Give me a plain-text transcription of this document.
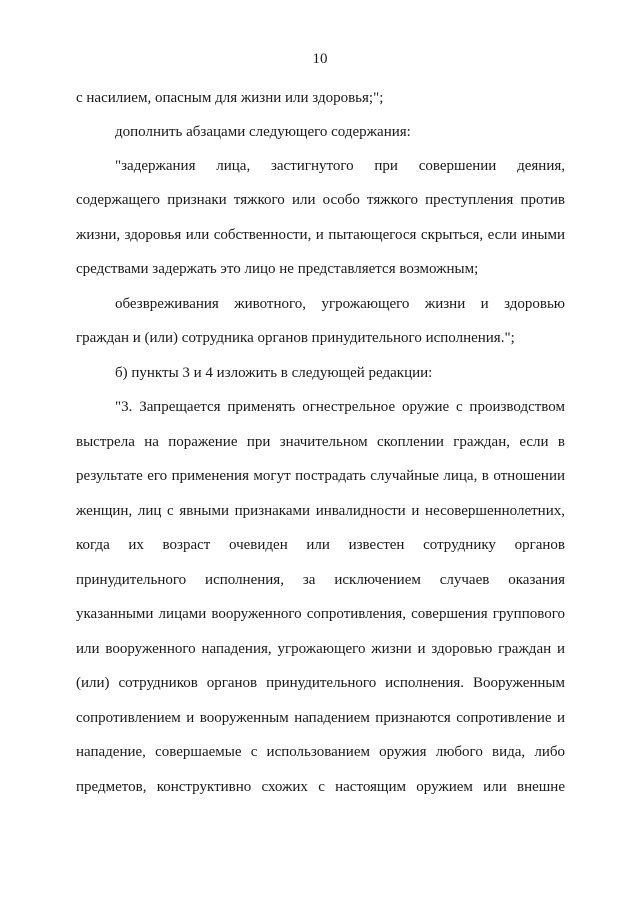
10
с насилием, опасным для жизни или здоровья;";
дополнить абзацами следующего содержания:
"задержания лица, застигнутого при совершении деяния,
содержащего признаки тяжкого или особо тяжкого преступления против
жизни, здоровья или собственности, и пытающегося скрыться, если иными
средствами задержать это лицо не представляется возможным;
обезвреживания животного, угрожающего жизни и здоровью
граждан и (или) сотрудника органов принудительного исполнения.";
б) пункты 3 и 4 изложить в следующей редакции:
"3. Запрещается применять огнестрельное оружие с производством
выстрела на поражение при значительном скоплении граждан, если в
результате его применения могут пострадать случайные лица, в отношении
женщин, лиц с явными признаками инвалидности и несовершеннолетних,
когда их возраст очевиден или известен сотруднику органов
принудительного исполнения, за исключением случаев оказания
указанными лицами вооруженного сопротивления, совершения группового
или вооруженного нападения, угрожающего жизни и здоровью граждан и
(или) сотрудников органов принудительного исполнения. Вооруженным
сопротивлением и вооруженным нападением признаются сопротивление и
нападение, совершаемые с использованием оружия любого вида, либо
предметов, конструктивно схожих с настоящим оружием или внешне
